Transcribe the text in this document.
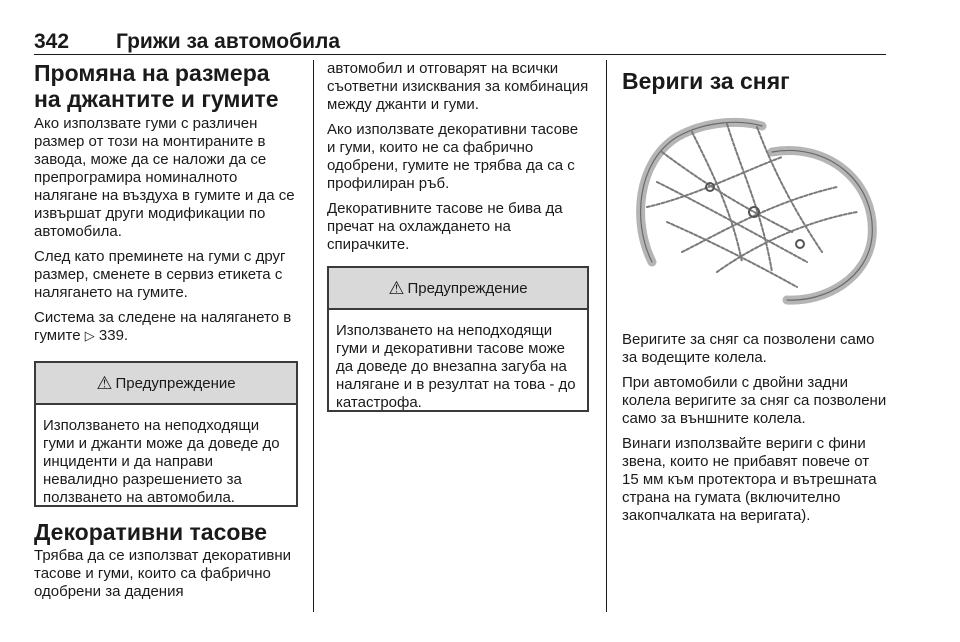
342	Грижи за автомобила
Промяна на размера на джантите и гумите

Ако използвате гуми с различен размер от този на монтираните в завода, може да се наложи да се препрограмира номиналното налягане на въздуха в гумите и да се извършат други модификации по автомобила.

След като преминете на гуми с друг размер, сменете в сервиз етикета с налягането на гумите.

Система за следене на налягането в гумите ▷ 339.

⚠ Предупреждение

Използването на неподходящи гуми и джанти може да доведе до инциденти и да направи невалидно разрешението за ползването на автомобила.

Декоративни тасове

Трябва да се използват декоративни тасове и гуми, които са фабрично одобрени за дадения

автомобил и отговарят на всички съответни изисквания за комбинация между джанти и гуми.

Ако използвате декоративни тасове и гуми, които не са фабрично одобрени, гумите не трябва да са с профилиран ръб.

Декоративните тасове не бива да пречат на охлаждането на спирачките.

⚠ Предупреждение

Използването на неподходящи гуми и декоративни тасове може да доведе до внезапна загуба на налягане и в резултат на това - до катастрофа.

Вериги за сняг

Веригите за сняг са позволени само за водещите колела.

При автомобили с двойни задни колела веригите за сняг са позволени само за външните колела.

Винаги използвайте вериги с фини звена, които не прибавят повече от 15 мм към протектора и вътрешната страна на гумата (включително закопчалката на веригата).
